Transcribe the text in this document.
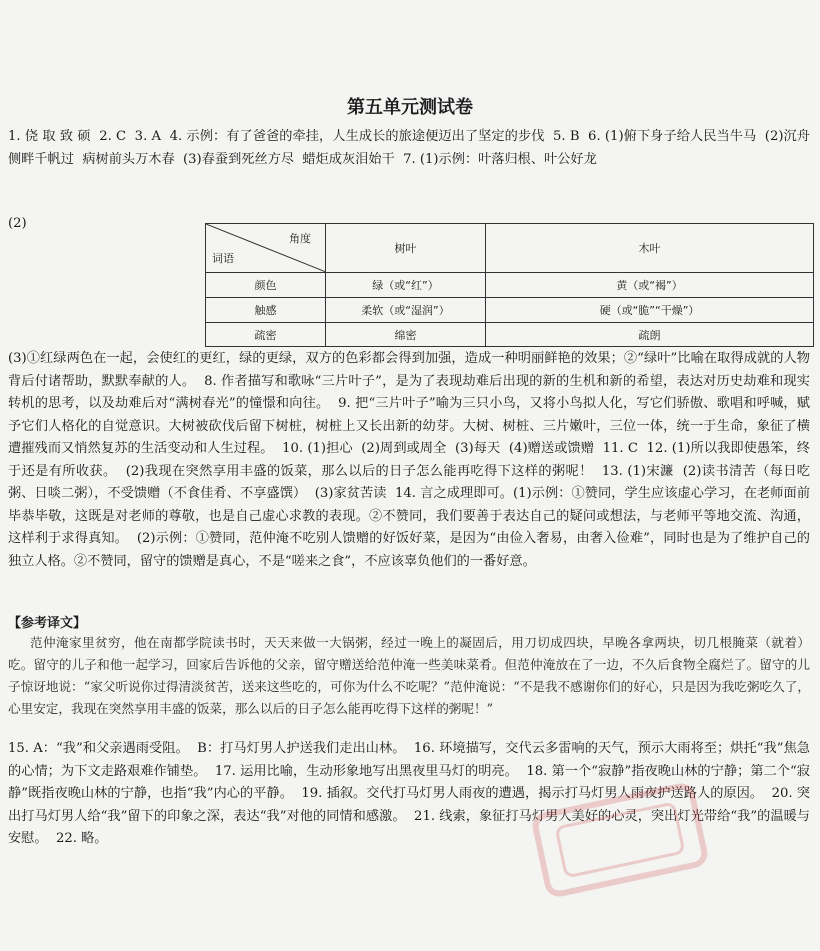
第五单元测试卷
1. 侥 取 致 硕  2. C  3. A  4. 示例：有了爸爸的牵挂，人生成长的旅途便迈出了坚定的步伐  5. B  6. (1)俯下身子给人民当牛马  (2)沉舟侧畔千帆过  病树前头万木春  (3)春蚕到死丝方尽  蜡炬成灰泪始干  7. (1)示例：叶落归根、叶公好龙
(2)
角度
词语	树叶	木叶
颜色	绿（或“红”）	黄（或“褐”）
触感	柔软（或“湿润”）	硬（或“脆”“干燥”）
疏密	绵密	疏朗
(3)①红绿两色在一起，会使红的更红，绿的更绿，双方的色彩都会得到加强，造成一种明丽鲜艳的效果；②“绿叶”比喻在取得成就的人物背后付诸帮助，默默奉献的人。  8. 作者描写和歌咏“三片叶子”，是为了表现劫难后出现的新的生机和新的希望，表达对历史劫难和现实转机的思考，以及劫难后对“满树春光”的憧憬和向往。  9. 把“三片叶子”喻为三只小鸟，又将小鸟拟人化，写它们骄傲、歌唱和呼喊，赋予它们人格化的自觉意识。大树被砍伐后留下树桩，树桩上又长出新的幼芽。大树、树桩、三片嫩叶，三位一体，统一于生命，象征了横遭摧残而又悄然复苏的生活变动和人生过程。  10. (1)担心  (2)周到或周全  (3)每天  (4)赠送或馈赠  11. C  12. (1)所以我即使愚笨，终于还是有所收获。  (2)我现在突然享用丰盛的饭菜，那么以后的日子怎么能再吃得下这样的粥呢！  13. (1)宋濂  (2)读书清苦（每日吃粥、日啖二粥），不受馈赠（不食佳肴、不享盛馔）  (3)家贫苦读  14. 言之成理即可。(1)示例：①赞同，学生应该虚心学习，在老师面前毕恭毕敬，这既是对老师的尊敬，也是自己虚心求教的表现。②不赞同，我们要善于表达自己的疑问或想法，与老师平等地交流、沟通，这样利于求得真知。  (2)示例：①赞同，范仲淹不吃别人馈赠的好饭好菜，是因为“由俭入奢易，由奢入俭难”，同时也是为了维护自己的独立人格。②不赞同，留守的馈赠是真心，不是“嗟来之食”，不应该辜负他们的一番好意。
【参考译文】
范仲淹家里贫穷，他在南都学院读书时，天天来做一大锅粥，经过一晚上的凝固后，用刀切成四块，早晚各拿两块，切几根腌菜（就着）吃。留守的儿子和他一起学习，回家后告诉他的父亲，留守赠送给范仲淹一些美味菜肴。但范仲淹放在了一边，不久后食物全腐烂了。留守的儿子惊讶地说：“家父听说你过得清淡贫苦，送来这些吃的，可你为什么不吃呢？”范仲淹说：“不是我不感谢你们的好心，只是因为我吃粥吃久了，心里安定，我现在突然享用丰盛的饭菜，那么以后的日子怎么能再吃得下这样的粥呢！”
15. A：“我”和父亲遇雨受阻。  B：打马灯男人护送我们走出山林。  16. 环境描写，交代云多雷响的天气，预示大雨将至；烘托“我”焦急的心情；为下文走路艰难作铺垫。  17. 运用比喻，生动形象地写出黑夜里马灯的明亮。  18. 第一个“寂静”指夜晚山林的宁静；第二个“寂静”既指夜晚山林的宁静，也指“我”内心的平静。  19. 插叙。交代打马灯男人雨夜的遭遇，揭示打马灯男人雨夜护送路人的原因。  20. 突出打马灯男人给“我”留下的印象之深，表达“我”对他的同情和感激。  21. 线索，象征打马灯男人美好的心灵，突出灯光带给“我”的温暖与安慰。  22. 略。
